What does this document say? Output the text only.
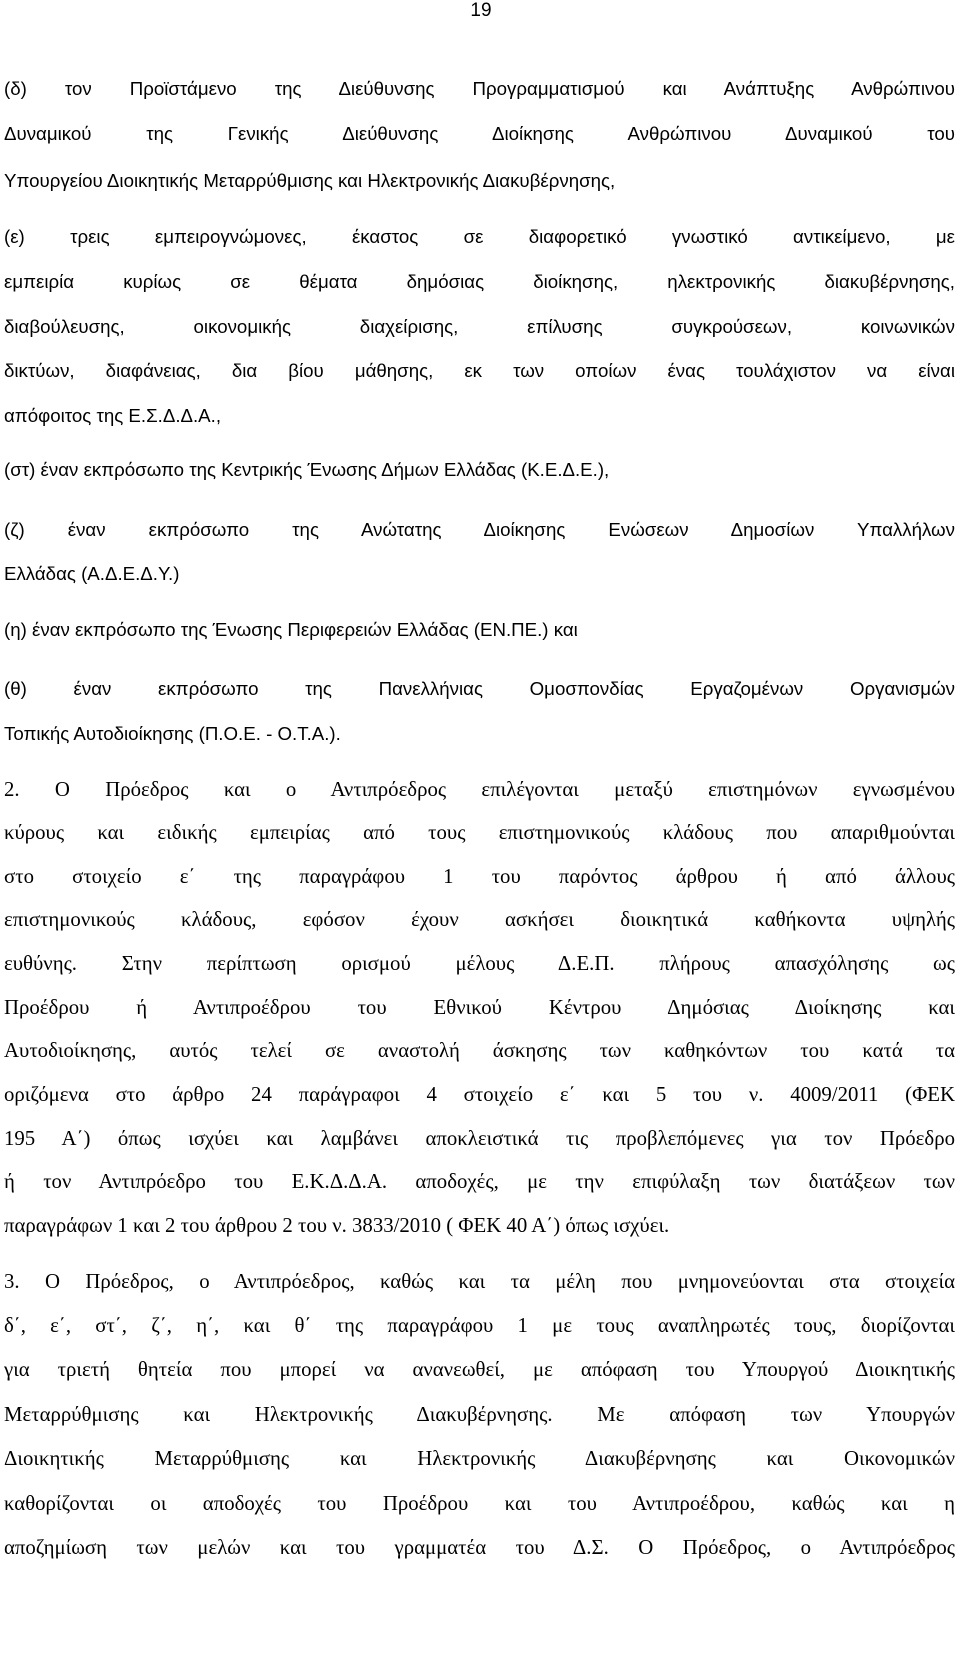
19
(δ) τον Προϊστάμενο της Διεύθυνσης Προγραμματισμού και Ανάπτυξης Ανθρώπινου
Δυναμικού της Γενικής Διεύθυνσης Διοίκησης Ανθρώπινου Δυναμικού του
Υπουργείου Διοικητικής Μεταρρύθμισης και Ηλεκτρονικής Διακυβέρνησης,
(ε) τρεις εμπειρογνώμονες, έκαστος σε διαφορετικό γνωστικό αντικείμενο, με
εμπειρία κυρίως σε θέματα δημόσιας διοίκησης, ηλεκτρονικής διακυβέρνησης,
διαβούλευσης, οικονομικής διαχείρισης, επίλυσης συγκρούσεων, κοινωνικών
δικτύων, διαφάνειας, δια βίου μάθησης, εκ των οποίων ένας τουλάχιστον να είναι
απόφοιτος της Ε.Σ.Δ.Δ.Α.,
(στ) έναν εκπρόσωπο της Κεντρικής Ένωσης Δήμων Ελλάδας (Κ.Ε.Δ.Ε.),
(ζ) έναν εκπρόσωπο της Ανώτατης Διοίκησης Ενώσεων Δημοσίων Υπαλλήλων
Ελλάδας (Α.Δ.Ε.Δ.Υ.)
(η) έναν εκπρόσωπο της Ένωσης Περιφερειών Ελλάδας (ΕΝ.ΠΕ.) και
(θ) έναν εκπρόσωπο της Πανελλήνιας Ομοσπονδίας Εργαζομένων Οργανισμών
Τοπικής Αυτοδιοίκησης (Π.Ο.Ε. - Ο.Τ.Α.).
2. Ο Πρόεδρος και ο Αντιπρόεδρος επιλέγονται μεταξύ επιστημόνων εγνωσμένου
κύρους και ειδικής εμπειρίας από τους επιστημονικούς κλάδους που απαριθμούνται
στο στοιχείο ε΄ της παραγράφου 1 του παρόντος άρθρου ή από άλλους
επιστημονικούς κλάδους, εφόσον έχουν ασκήσει διοικητικά καθήκοντα υψηλής
ευθύνης. Στην περίπτωση ορισμού μέλους Δ.Ε.Π. πλήρους απασχόλησης ως
Προέδρου ή Αντιπροέδρου του Εθνικού Κέντρου Δημόσιας Διοίκησης και
Αυτοδιοίκησης, αυτός τελεί σε αναστολή άσκησης των καθηκόντων του κατά τα
οριζόμενα στο άρθρο 24 παράγραφοι 4 στοιχείο ε΄ και 5 του ν. 4009/2011 (ΦΕΚ
195 Α΄) όπως ισχύει και λαμβάνει αποκλειστικά τις προβλεπόμενες για τον Πρόεδρο
ή τον Αντιπρόεδρο του Ε.Κ.Δ.Δ.Α. αποδοχές, με την επιφύλαξη των διατάξεων των
παραγράφων 1 και 2 του άρθρου 2 του ν. 3833/2010 ( ΦΕΚ 40 Α΄) όπως ισχύει.
3. Ο Πρόεδρος, ο Αντιπρόεδρος, καθώς και τα μέλη που μνημονεύονται στα στοιχεία
δ΄, ε΄, στ΄, ζ΄, η΄, και θ΄ της παραγράφου 1 με τους αναπληρωτές τους, διορίζονται
για τριετή θητεία που μπορεί να ανανεωθεί, με απόφαση του Υπουργού Διοικητικής
Μεταρρύθμισης και Ηλεκτρονικής Διακυβέρνησης. Με απόφαση των Υπουργών
Διοικητικής Μεταρρύθμισης και Ηλεκτρονικής Διακυβέρνησης και Οικονομικών
καθορίζονται οι αποδοχές του Προέδρου και του Αντιπροέδρου, καθώς και η
αποζημίωση των μελών και του γραμματέα του Δ.Σ. Ο Πρόεδρος, ο Αντιπρόεδρος
